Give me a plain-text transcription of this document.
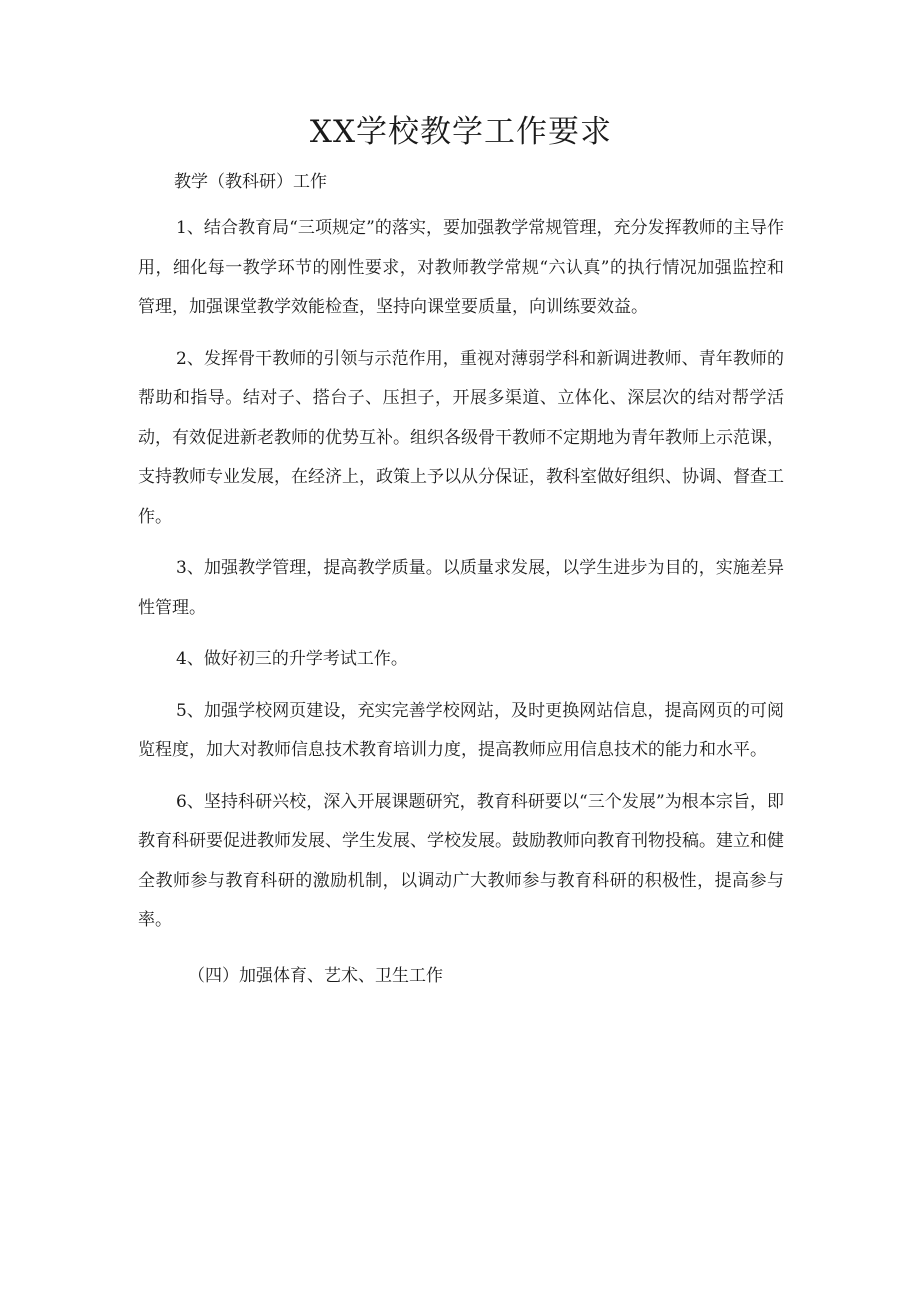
XX学校教学工作要求
教学（教科研）工作

1、结合教育局“三项规定”的落实，要加强教学常规管理，充分发挥教师的主导作用，细化每一教学环节的刚性要求，对教师教学常规“六认真”的执行情况加强监控和管理，加强课堂教学效能检查，坚持向课堂要质量，向训练要效益。

2、发挥骨干教师的引领与示范作用，重视对薄弱学科和新调进教师、青年教师的帮助和指导。结对子、搭台子、压担子，开展多渠道、立体化、深层次的结对帮学活动，有效促进新老教师的优势互补。组织各级骨干教师不定期地为青年教师上示范课，支持教师专业发展，在经济上，政策上予以从分保证，教科室做好组织、协调、督查工作。

3、加强教学管理，提高教学质量。以质量求发展，以学生进步为目的，实施差异性管理。

4、做好初三的升学考试工作。

5、加强学校网页建设，充实完善学校网站，及时更换网站信息，提高网页的可阅览程度，加大对教师信息技术教育培训力度，提高教师应用信息技术的能力和水平。

6、坚持科研兴校，深入开展课题研究，教育科研要以“三个发展”为根本宗旨，即教育科研要促进教师发展、学生发展、学校发展。鼓励教师向教育刊物投稿。建立和健全教师参与教育科研的激励机制，以调动广大教师参与教育科研的积极性，提高参与率。

（四）加强体育、艺术、卫生工作
